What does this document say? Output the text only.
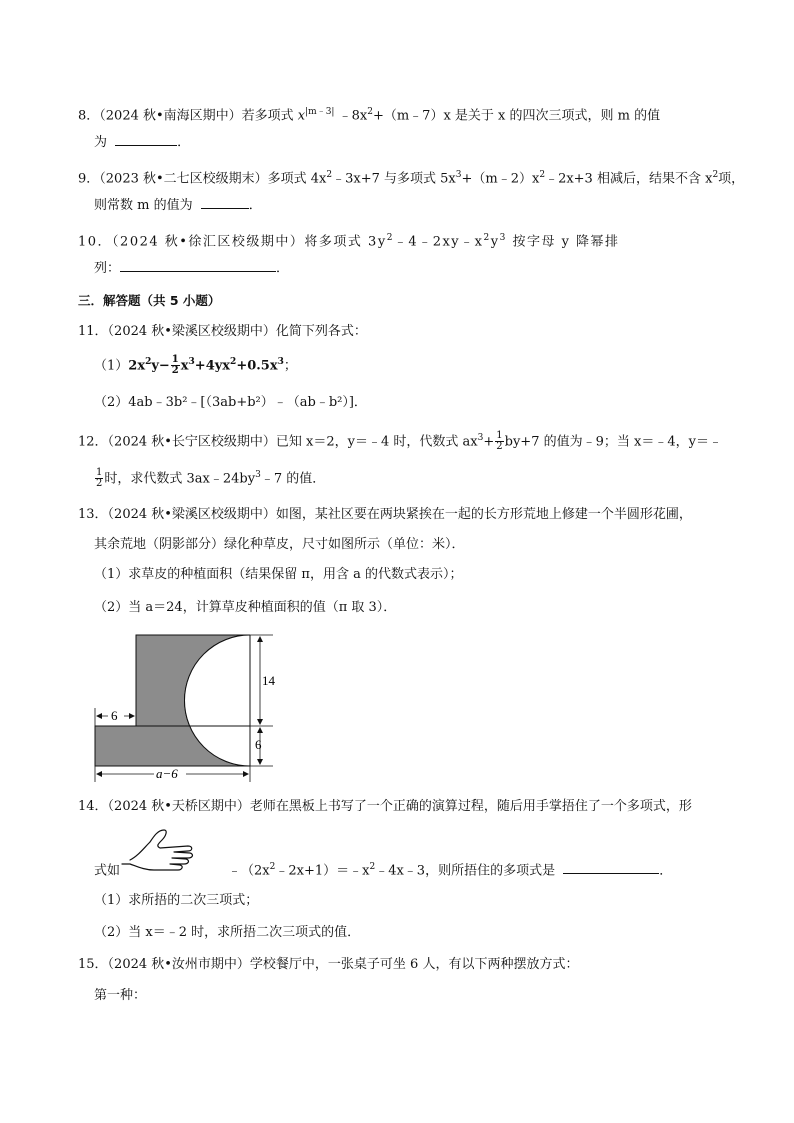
8．（2024 秋•南海区期中）若多项式 $x^{|m﹣3|}$ $﹣8x^2+(m﹣7)x$ 是关于 x 的四次三项式，则 m 的值
为	．
9．（2023 秋•二七区校级期末）多项式 $4x^2﹣3x+7$ 与多项式 $5x^3+(m﹣2)x^2﹣2x+3$ 相减后，结果不含 $x^2$项，
则常数 m 的值为	．
10．（2024 秋•徐汇区校级期中）将多项式 $3y^2﹣4﹣2xy﹣x^2y^3$ 按字母 y 降幂排
列：	．
三．解答题（共 5 小题）
11．（2024 秋•梁溪区校级期中）化简下列各式：
$(1)2x^2y- \frac{1}{2} x^3+4yx^2+0.5x^3$；
（2）4ab﹣3b²﹣[（3ab+b²）﹣（ab﹣b²）]．
12．（2024 秋•长宁区校级期中）已知 x＝2，y＝﹣4 时，代数式 $ax^3+ \frac{1}{2} by+7$ 的值为﹣9；当 x＝﹣4，y＝﹣
$\frac{1}{2}$ 时，求代数式 $3ax﹣24by^3﹣7$ 的值．
13．（2024 秋•梁溪区校级期中）如图，某社区要在两块紧挨在一起的长方形荒地上修建一个半圆形花圃，
其余荒地（阴影部分）绿化种草皮，尺寸如图所示（单位：米）．
（1）求草皮的种植面积（结果保留 π，用含 a 的代数式表示）；
（2）当 a＝24，计算草皮种植面积的值（π 取 3）．
14
6
6
a−6
14．（2024 秋•天桥区期中）老师在黑板上书写了一个正确的演算过程，随后用手掌捂住了一个多项式，形
式如	$﹣(2x^2﹣2x+1)=﹣x^2﹣4x﹣3$，则所捂住的多项式是	．
（1）求所捂的二次三项式；
（2）当 x＝﹣2 时，求所捂二次三项式的值．
15．（2024 秋•汝州市期中）学校餐厅中，一张桌子可坐 6 人，有以下两种摆放方式：
第一种：
